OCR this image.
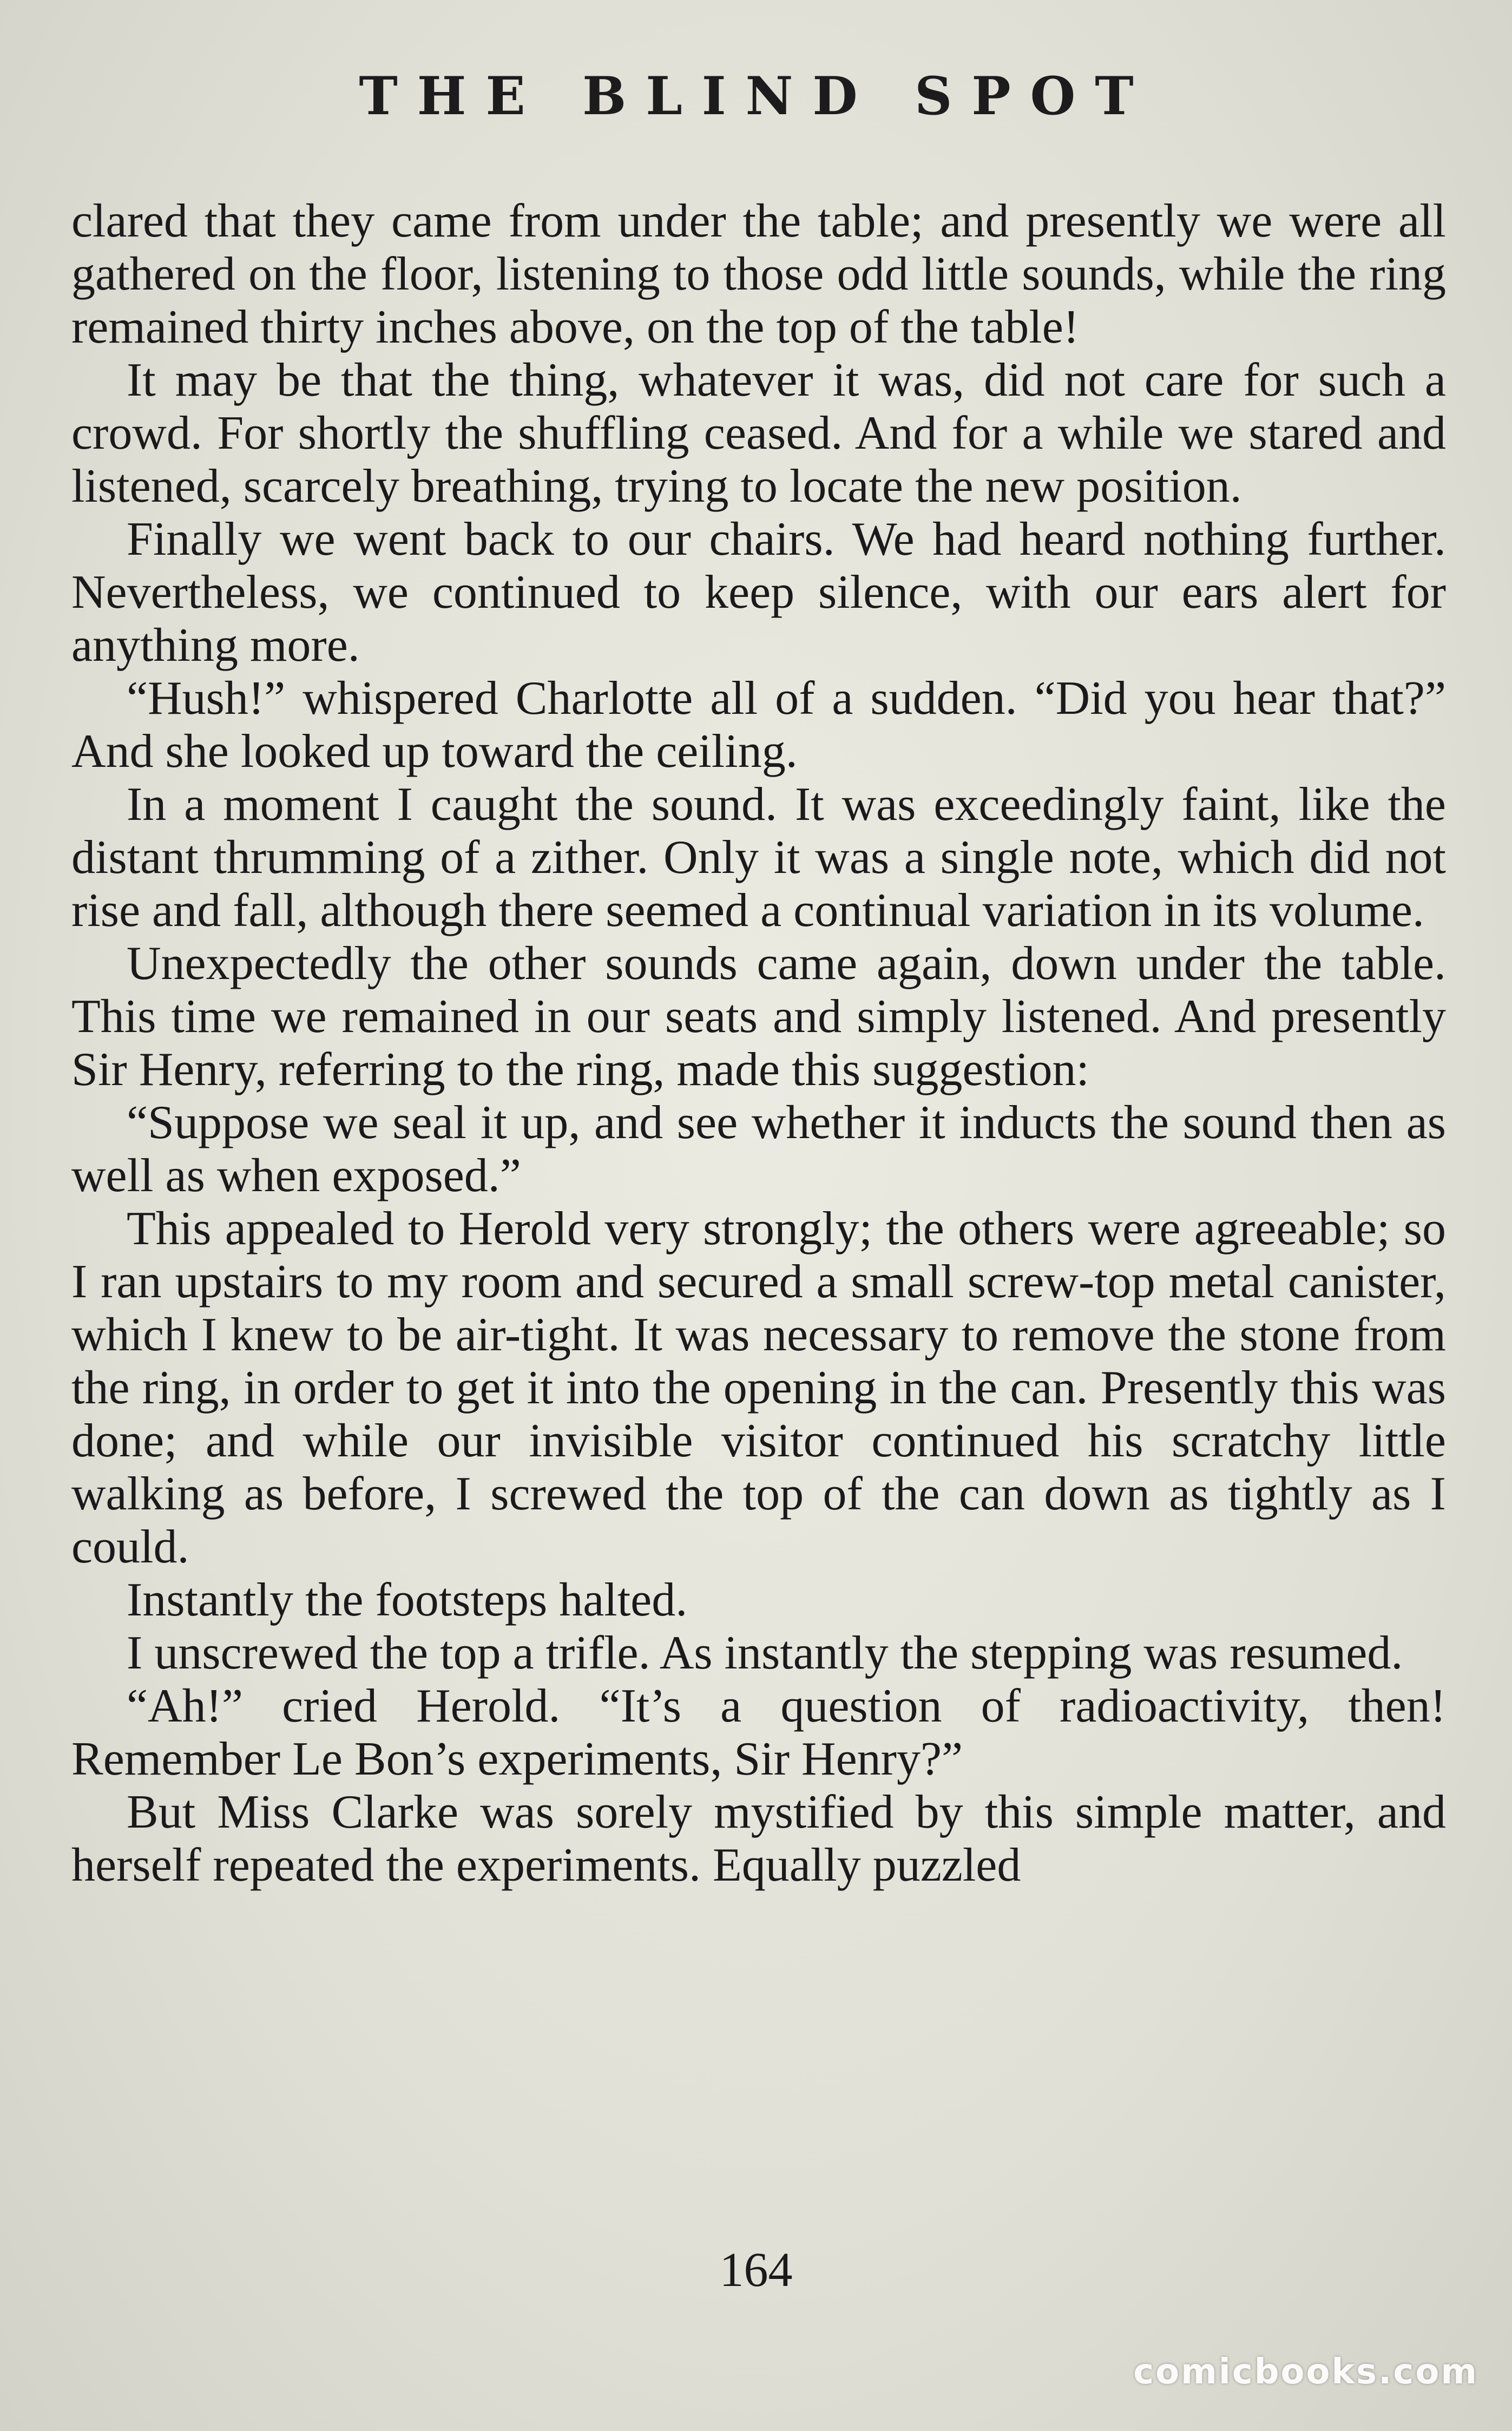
THE BLIND SPOT

clared that they came from under the table; and presently we were all gathered on the floor, listening to those odd little sounds, while the ring remained thirty inches above, on the top of the table!

It may be that the thing, whatever it was, did not care for such a crowd. For shortly the shuffling ceased. And for a while we stared and listened, scarcely breathing, trying to locate the new position.

Finally we went back to our chairs. We had heard nothing further. Nevertheless, we continued to keep silence, with our ears alert for anything more.

“Hush!” whispered Charlotte all of a sudden. “Did you hear that?” And she looked up toward the ceiling.

In a moment I caught the sound. It was exceedingly faint, like the distant thrumming of a zither. Only it was a single note, which did not rise and fall, although there seemed a continual variation in its volume.

Unexpectedly the other sounds came again, down under the table. This time we remained in our seats and simply listened. And presently Sir Henry, referring to the ring, made this suggestion:

“Suppose we seal it up, and see whether it inducts the sound then as well as when exposed.”

This appealed to Herold very strongly; the others were agreeable; so I ran upstairs to my room and secured a small screw-top metal canister, which I knew to be air-tight. It was necessary to remove the stone from the ring, in order to get it into the opening in the can. Presently this was done; and while our invisible visitor continued his scratchy little walking as before, I screwed the top of the can down as tightly as I could.

Instantly the footsteps halted.

I unscrewed the top a trifle. As instantly the stepping was resumed.

“Ah!” cried Herold. “It’s a question of radioactivity, then! Remember Le Bon’s experiments, Sir Henry?”

But Miss Clarke was sorely mystified by this simple matter, and herself repeated the experiments. Equally puzzled

164
comicbooks.com
